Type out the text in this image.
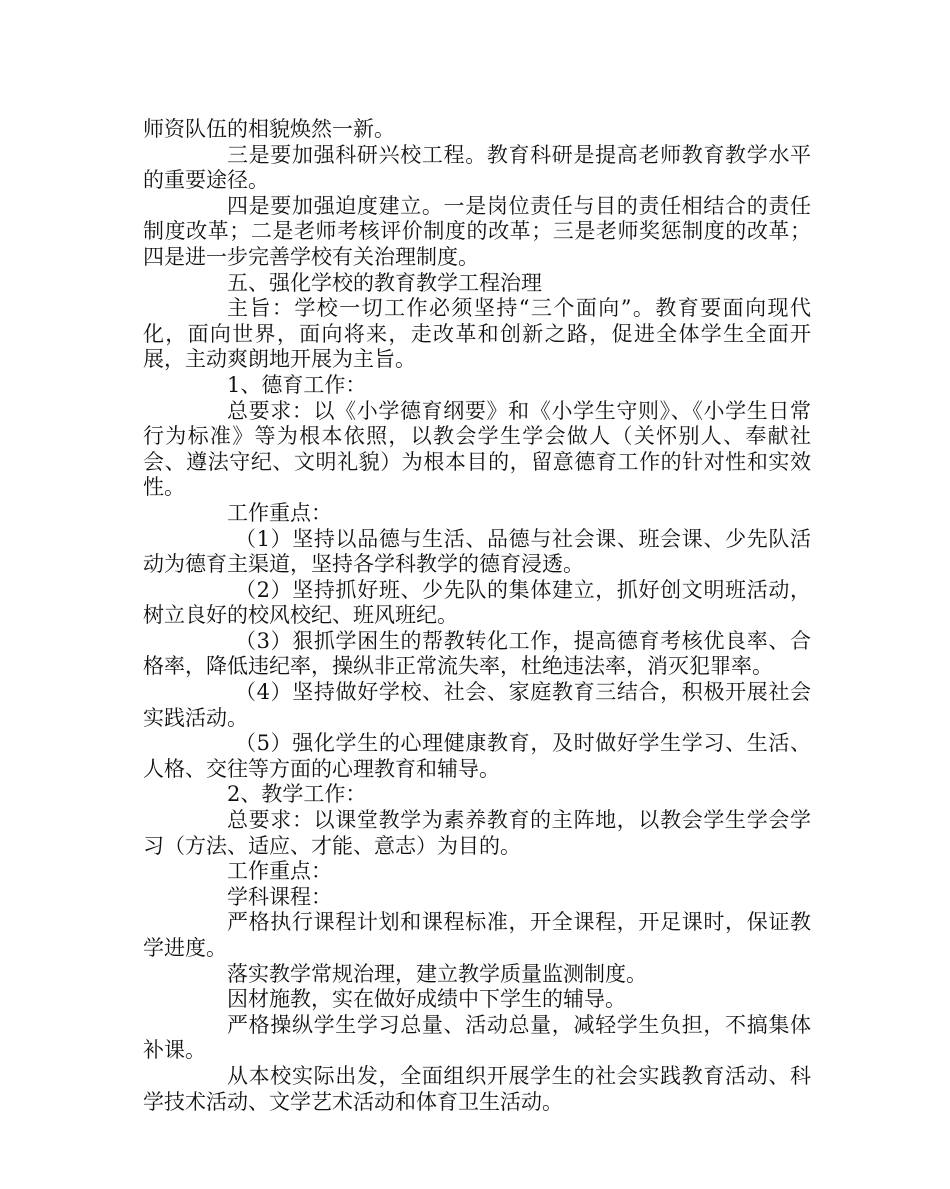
师资队伍的相貌焕然一新。

三是要加强科研兴校工程。教育科研是提高老师教育教学水平的重要途径。

四是要加强迫度建立。一是岗位责任与目的责任相结合的责任制度改革；二是老师考核评价制度的改革；三是老师奖惩制度的改革；四是进一步完善学校有关治理制度。

五、强化学校的教育教学工程治理

主旨：学校一切工作必须坚持“三个面向”。教育要面向现代化，面向世界，面向将来，走改革和创新之路，促进全体学生全面开展，主动爽朗地开展为主旨。

1、德育工作：

总要求：以《小学德育纲要》和《小学生守则》、《小学生日常行为标准》等为根本依照，以教会学生学会做人（关怀别人、奉献社会、遵法守纪、文明礼貌）为根本目的，留意德育工作的针对性和实效性。

工作重点：

（1）坚持以品德与生活、品德与社会课、班会课、少先队活动为德育主渠道，坚持各学科教学的德育浸透。

（2）坚持抓好班、少先队的集体建立，抓好创文明班活动，树立良好的校风校纪、班风班纪。

（3）狠抓学困生的帮教转化工作，提高德育考核优良率、合格率，降低违纪率，操纵非正常流失率，杜绝违法率，消灭犯罪率。

（4）坚持做好学校、社会、家庭教育三结合，积极开展社会实践活动。

（5）强化学生的心理健康教育，及时做好学生学习、生活、人格、交往等方面的心理教育和辅导。

2、教学工作：

总要求：以课堂教学为素养教育的主阵地，以教会学生学会学习（方法、适应、才能、意志）为目的。

工作重点：

学科课程：

严格执行课程计划和课程标准，开全课程，开足课时，保证教学进度。

落实教学常规治理，建立教学质量监测制度。

因材施教，实在做好成绩中下学生的辅导。

严格操纵学生学习总量、活动总量，减轻学生负担，不搞集体补课。

从本校实际出发，全面组织开展学生的社会实践教育活动、科学技术活动、文学艺术活动和体育卫生活动。
